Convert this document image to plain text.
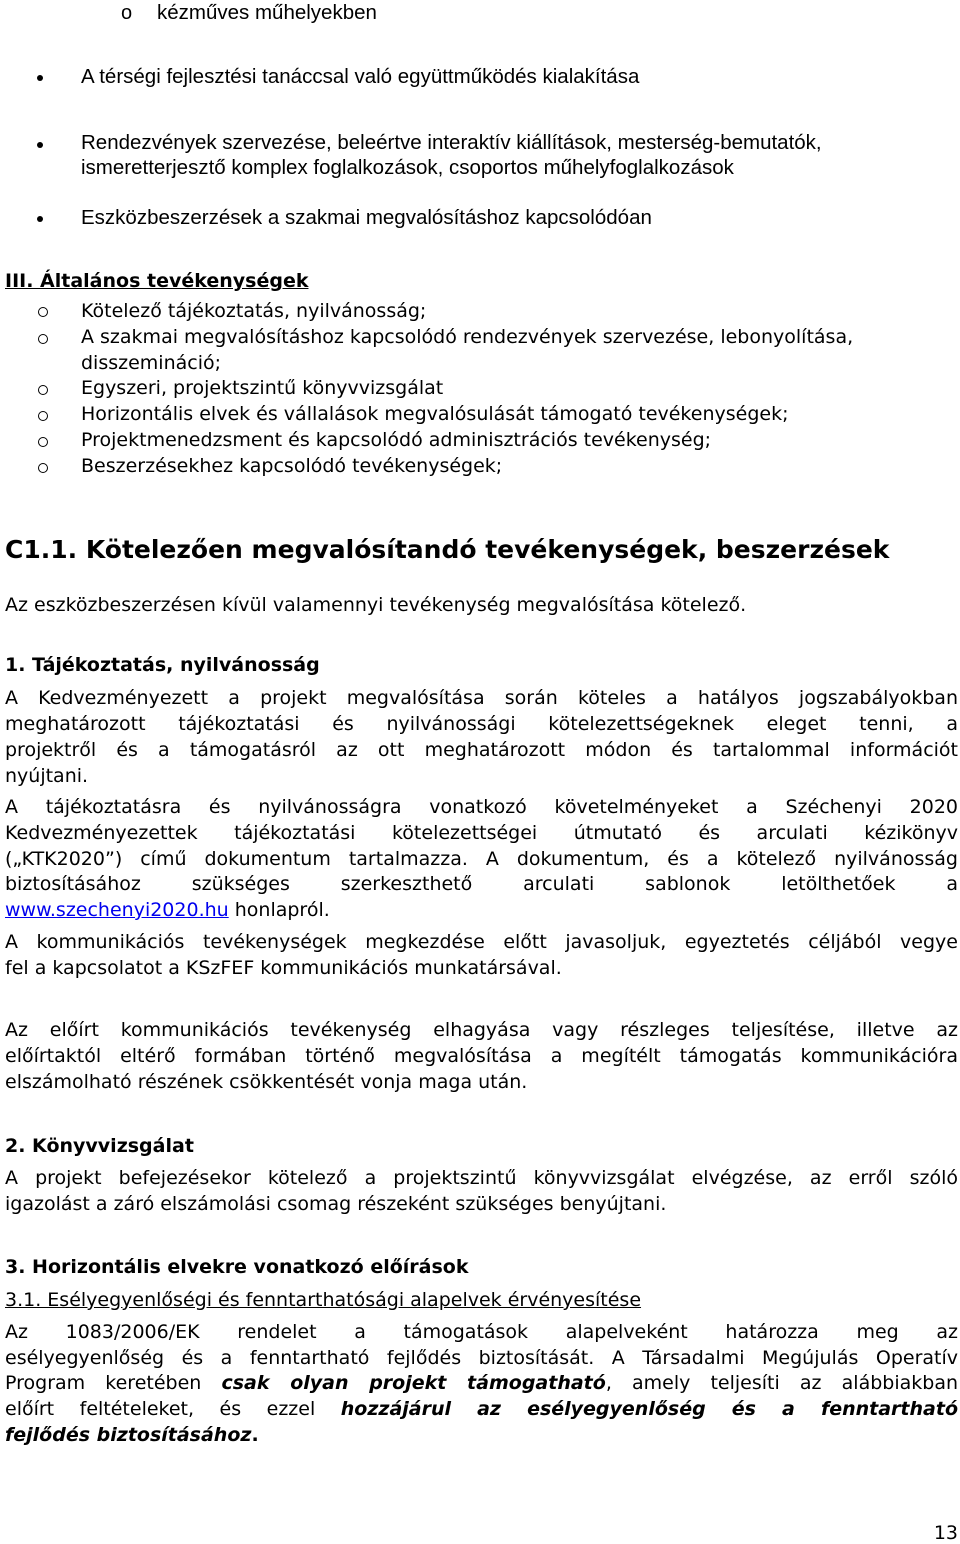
o kézműves műhelyekben
A térségi fejlesztési tanáccsal való együttműködés kialakítása
Rendezvények szervezése, beleértve interaktív kiállítások, mesterség-bemutatók,
ismeretterjesztő komplex foglalkozások, csoportos műhelyfoglalkozások
Eszközbeszerzések a szakmai megvalósításhoz kapcsolódóan
III. Általános tevékenységek
Kötelező tájékoztatás, nyilvánosság;
A szakmai megvalósításhoz kapcsolódó rendezvények szervezése, lebonyolítása,
disszemináció;
Egyszeri, projektszintű könyvvizsgálat
Horizontális elvek és vállalások megvalósulását támogató tevékenységek;
Projektmenedzsment és kapcsolódó adminisztrációs tevékenység;
Beszerzésekhez kapcsolódó tevékenységek;
C1.1. Kötelezően megvalósítandó tevékenységek, beszerzések
Az eszközbeszerzésen kívül valamennyi tevékenység megvalósítása kötelező.
1. Tájékoztatás, nyilvánosság
A Kedvezményezett a projekt megvalósítása során köteles a hatályos jogszabályokban
meghatározott tájékoztatási és nyilvánossági kötelezettségeknek eleget tenni, a
projektről és a támogatásról az ott meghatározott módon és tartalommal információt
nyújtani.
A tájékoztatásra és nyilvánosságra vonatkozó követelményeket a Széchenyi 2020
Kedvezményezettek tájékoztatási kötelezettségei útmutató és arculati kézikönyv
(„KTK2020”) című dokumentum tartalmazza. A dokumentum, és a kötelező nyilvánosság
biztosításához szükséges szerkeszthető arculati sablonok letölthetőek a
www.szechenyi2020.hu honlapról.
A kommunikációs tevékenységek megkezdése előtt javasoljuk, egyeztetés céljából vegye
fel a kapcsolatot a KSzFEF kommunikációs munkatársával.
Az előírt kommunikációs tevékenység elhagyása vagy részleges teljesítése, illetve az
előírtaktól eltérő formában történő megvalósítása a megítélt támogatás kommunikációra
elszámolható részének csökkentését vonja maga után.
2. Könyvvizsgálat
A projekt befejezésekor kötelező a projektszintű könyvvizsgálat elvégzése, az erről szóló
igazolást a záró elszámolási csomag részeként szükséges benyújtani.
3. Horizontális elvekre vonatkozó előírások
3.1. Esélyegyenlőségi és fenntarthatósági alapelvek érvényesítése
Az 1083/2006/EK rendelet a támogatások alapelveként határozza meg az
esélyegyenlőség és a fenntartható fejlődés biztosítását. A Társadalmi Megújulás Operatív
Program keretében csak olyan projekt támogatható, amely teljesíti az alábbiakban
előírt feltételeket, és ezzel hozzájárul az esélyegyenlőség és a fenntartható
fejlődés biztosításához.
13
